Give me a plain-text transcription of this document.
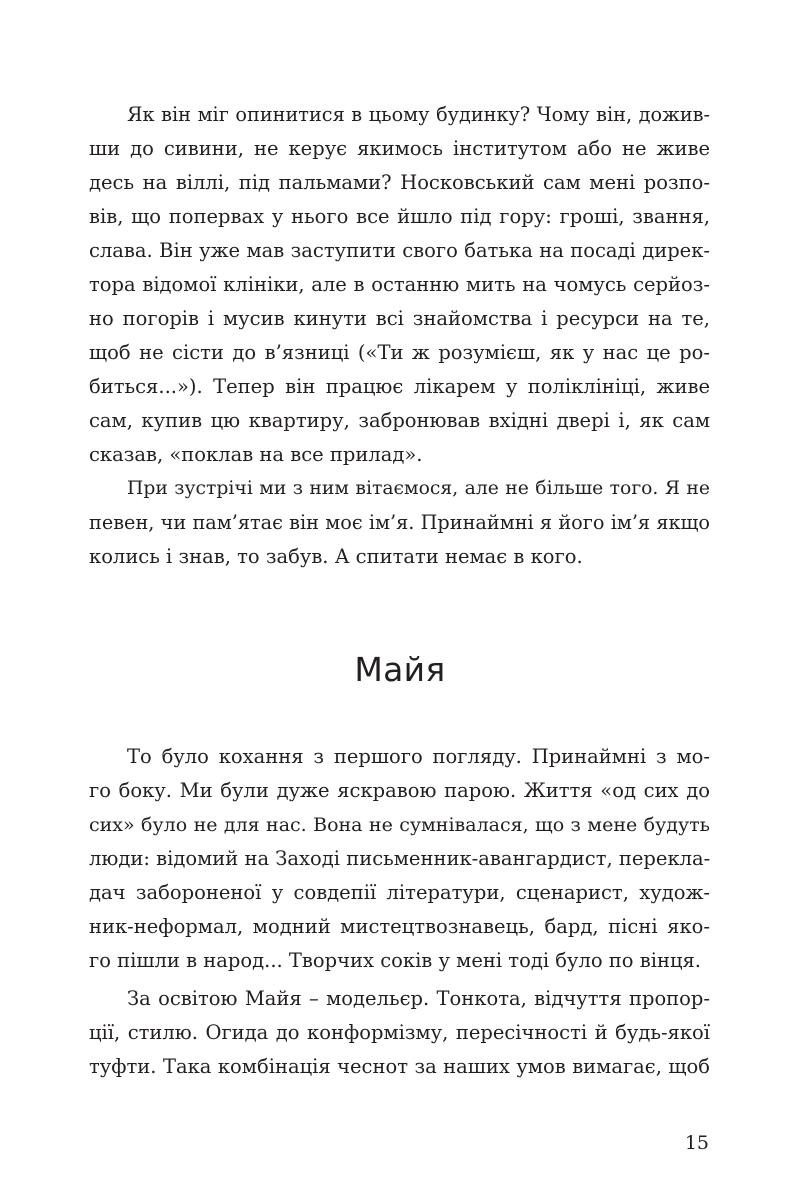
Як він міг опинитися в цьому будинку? Чому він, дожив-
ши до сивини, не керує якимось інститутом або не живе
десь на віллі, під пальмами? Носковський сам мені розпо-
вів, що поперваx у нього все йшло під гору: гроші, звання,
слава. Він уже мав заступити свого батька на посаді дирек-
тора відомої клініки, але в останню мить на чомусь серйоз-
но погорів і мусив кинути всі знайомства і ресурси на те,
щоб не сісти до в’язниці («Ти ж розумієш, як у нас це ро-
биться...»). Тепер він працює лікарем у поліклініці, живе
сам, купив цю квартиру, забронював вхідні двері і, як сам
сказав, «поклав на все прилад».
При зустрічі ми з ним вітаємося, але не більше того. Я не
певен, чи пам’ятає він моє ім’я. Принаймні я його ім’я якщо
колись і знав, то забув. А спитати немає в кого.
Майя
То було кохання з першого погляду. Принаймні з мо-
го боку. Ми були дуже яскравою парою. Життя «од сих до
сих» було не для нас. Вона не сумнівалася, що з мене будуть
люди: відомий на Заході письменник-авангардист, перекла-
дач забороненої у совдепії літератури, сценарист, худож-
ник-неформал, модний мистецтвознавець, бард, пісні яко-
го пішли в народ... Творчих соків у мені тоді було по вінця.
За освітою Майя – модельєр. Тонкота, відчуття пропор-
ції, стилю. Огида до конформізму, пересічності й будь-якої
туфти. Така комбінація чеснот за наших умов вимагає, щоб
15
